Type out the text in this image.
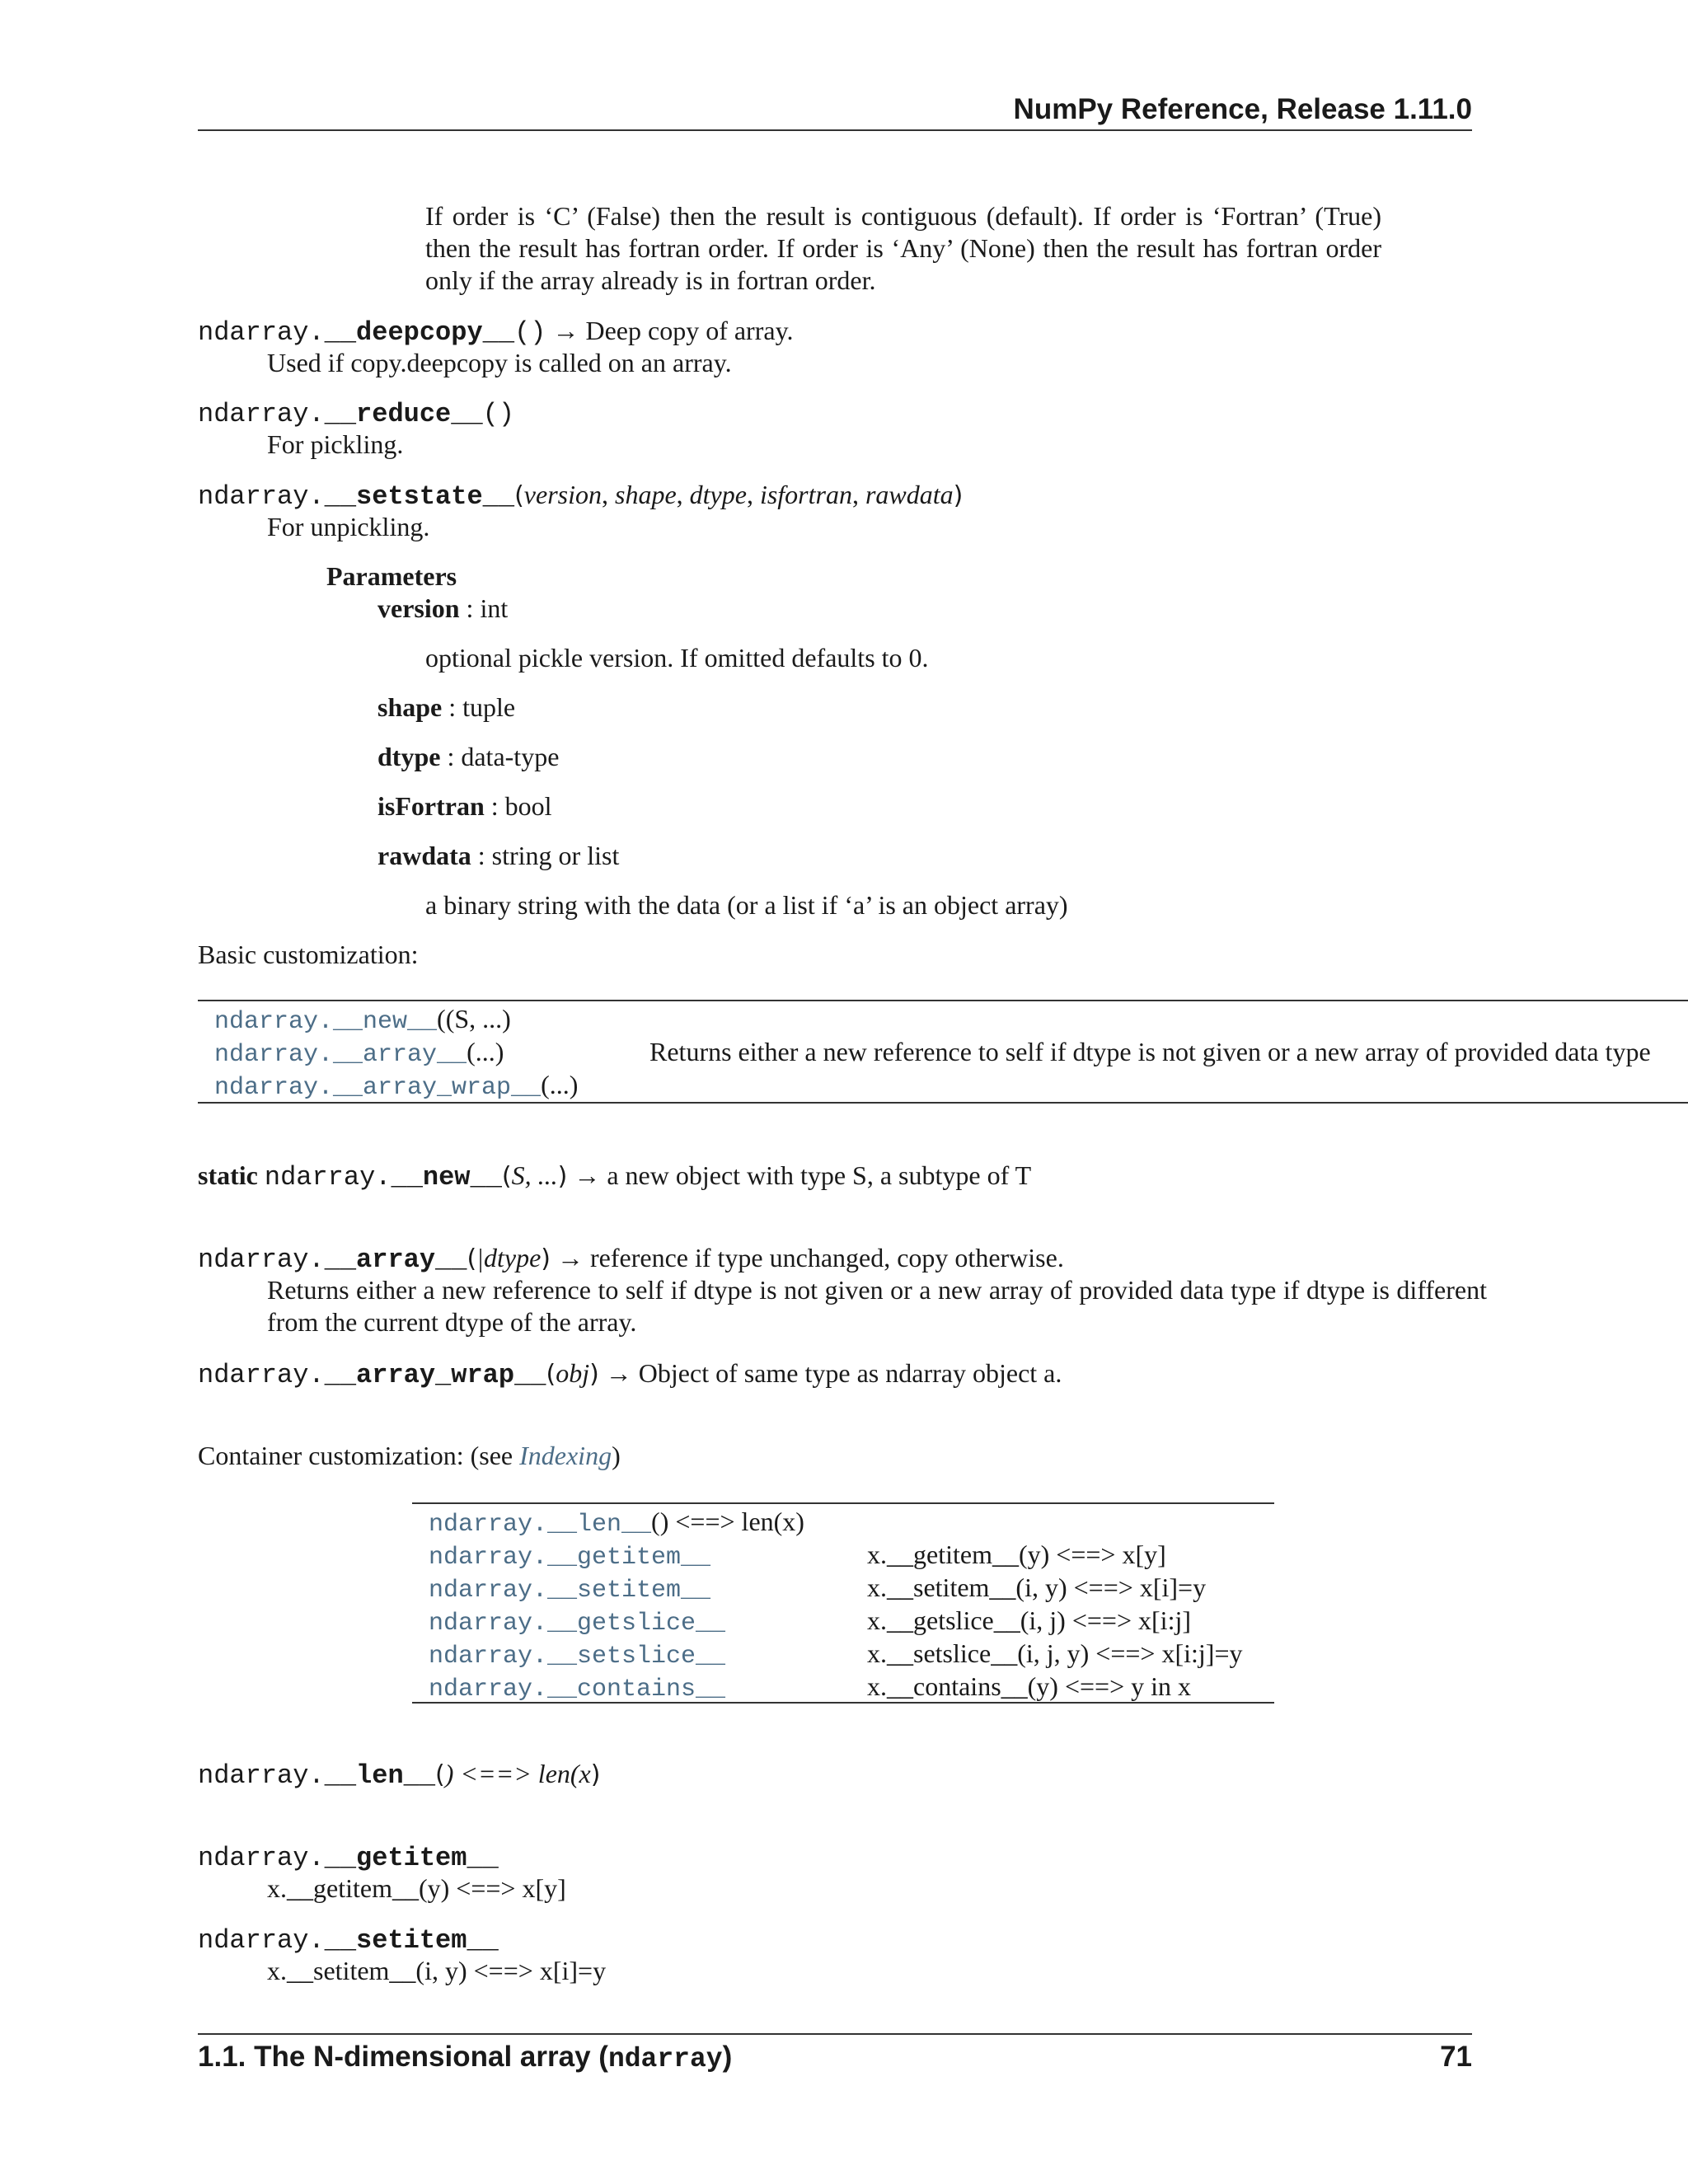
NumPy Reference, Release 1.11.0
If order is ‘C’ (False) then the result is contiguous (default). If order is ‘Fortran’ (True) then the result has fortran order. If order is ‘Any’ (None) then the result has fortran order only if the array already is in fortran order.
ndarray.__deepcopy__() → Deep copy of array.
Used if copy.deepcopy is called on an array.
ndarray.__reduce__()
For pickling.
ndarray.__setstate__(version, shape, dtype, isfortran, rawdata)
For unpickling.
Parameters
version : int
optional pickle version. If omitted defaults to 0.
shape : tuple
dtype : data-type
isFortran : bool
rawdata : string or list
a binary string with the data (or a list if ‘a’ is an object array)
Basic customization:
ndarray.__new__((S, ...)
ndarray.__array__(...)	Returns either a new reference to self if dtype is not given or a new array of provided data type
ndarray.__array_wrap__(...)
static ndarray.__new__(S, ...) → a new object with type S, a subtype of T
ndarray.__array__(|dtype) → reference if type unchanged, copy otherwise.
Returns either a new reference to self if dtype is not given or a new array of provided data type if dtype is different from the current dtype of the array.
ndarray.__array_wrap__(obj) → Object of same type as ndarray object a.
Container customization: (see Indexing)
ndarray.__len__() <==> len(x)
ndarray.__getitem__	x.__getitem__(y) <==> x[y]
ndarray.__setitem__	x.__setitem__(i, y) <==> x[i]=y
ndarray.__getslice__	x.__getslice__(i, j) <==> x[i:j]
ndarray.__setslice__	x.__setslice__(i, j, y) <==> x[i:j]=y
ndarray.__contains__	x.__contains__(y) <==> y in x
ndarray.__len__() <==> len(x)
ndarray.__getitem__
x.__getitem__(y) <==> x[y]
ndarray.__setitem__
x.__setitem__(i, y) <==> x[i]=y
1.1. The N-dimensional array (ndarray)	71
